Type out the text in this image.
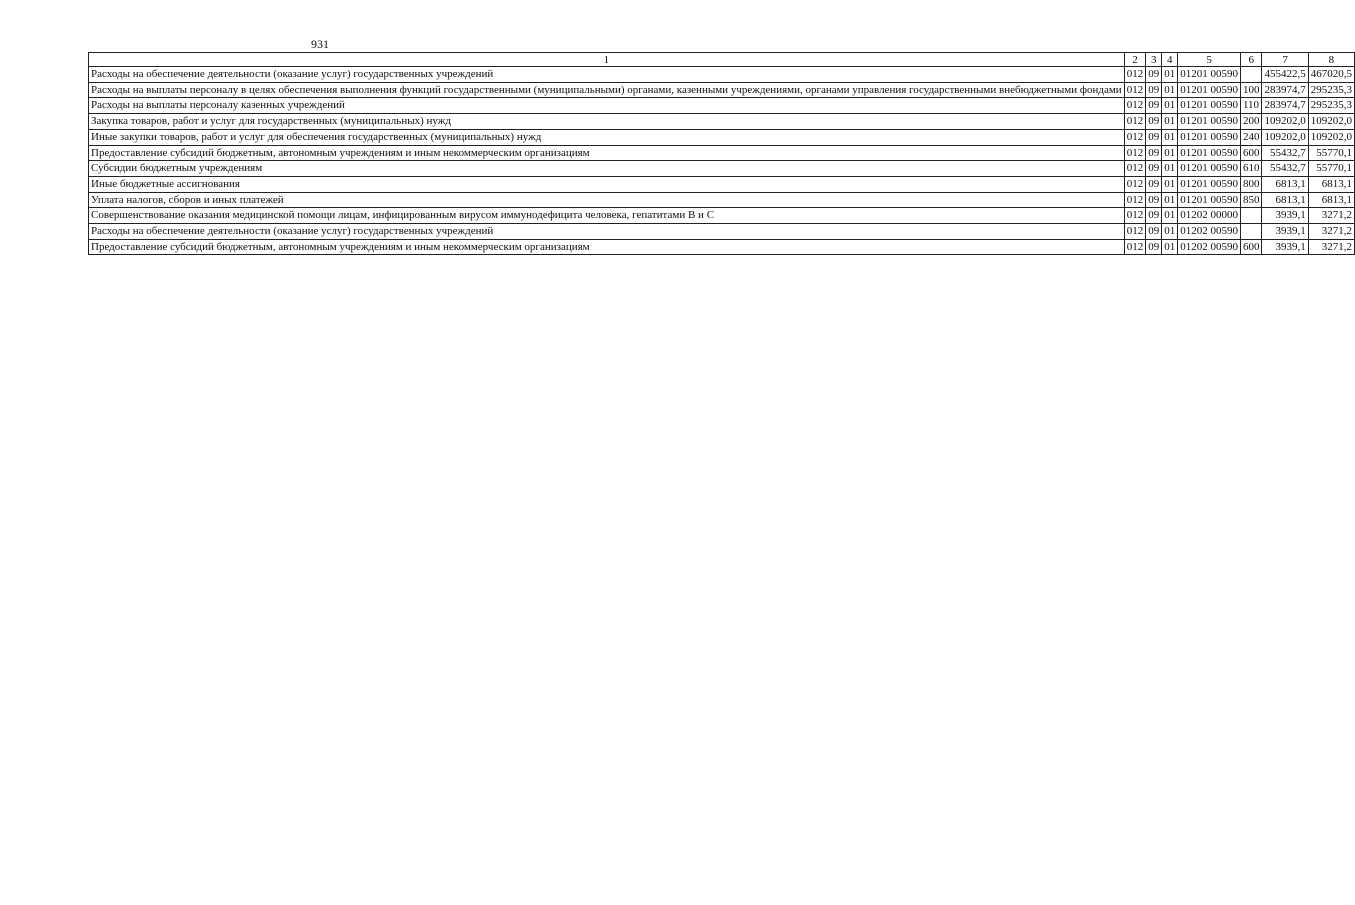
931
1	2	3	4	5	6	7	8
Расходы на обеспечение деятельности (оказание услуг) государственных учреждений	012	09	01	01201 00590		455422,5	467020,5
Расходы на выплаты персоналу в целях обеспечения выполнения функций государственными (муниципальными) органами, казенными учреждениями, органами управления государственными внебюджетными фондами	012	09	01	01201 00590	100	283974,7	295235,3
Расходы на выплаты персоналу казенных учреждений	012	09	01	01201 00590	110	283974,7	295235,3
Закупка товаров, работ и услуг для государственных (муниципальных) нужд	012	09	01	01201 00590	200	109202,0	109202,0
Иные закупки товаров, работ и услуг для обеспечения государственных (муниципальных) нужд	012	09	01	01201 00590	240	109202,0	109202,0
Предоставление субсидий бюджетным, автономным учреждениям и иным некоммерческим организациям	012	09	01	01201 00590	600	55432,7	55770,1
Субсидии бюджетным учреждениям	012	09	01	01201 00590	610	55432,7	55770,1
Иные бюджетные ассигнования	012	09	01	01201 00590	800	6813,1	6813,1
Уплата налогов, сборов и иных платежей	012	09	01	01201 00590	850	6813,1	6813,1
Совершенствование оказания медицинской помощи лицам, инфицированным вирусом иммунодефицита человека, гепатитами В и С	012	09	01	01202 00000		3939,1	3271,2
Расходы на обеспечение деятельности (оказание услуг) государственных учреждений	012	09	01	01202 00590		3939,1	3271,2
Предоставление субсидий бюджетным, автономным учреждениям и иным некоммерческим организациям	012	09	01	01202 00590	600	3939,1	3271,2
